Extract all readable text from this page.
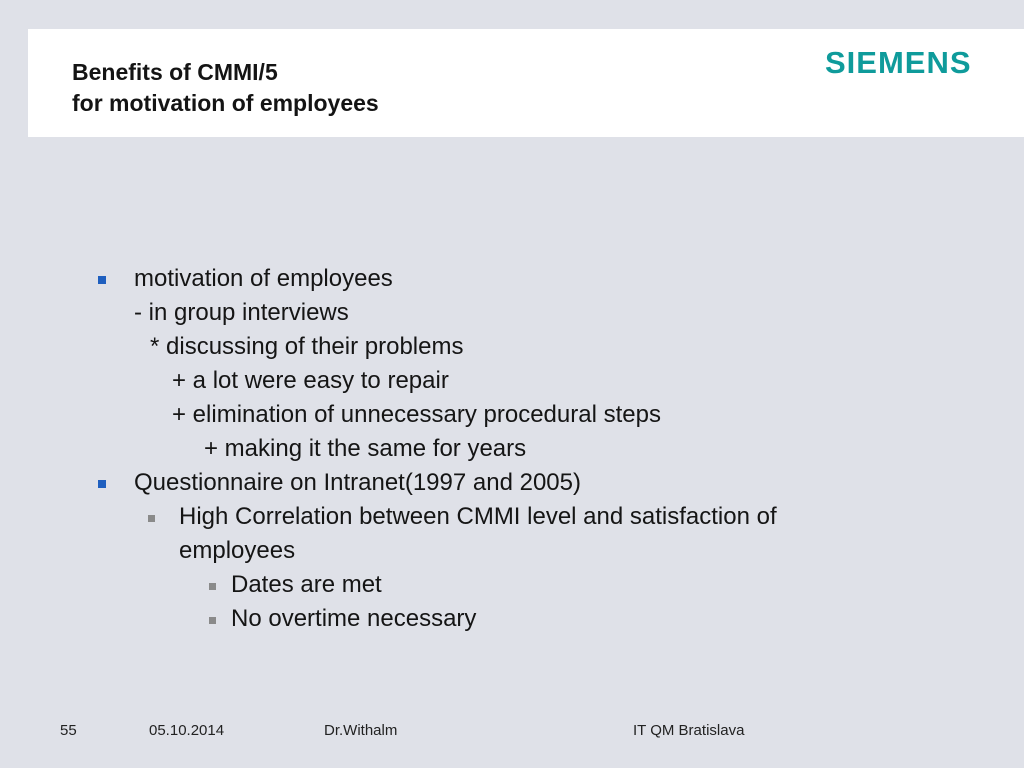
Benefits of CMMI/5
for motivation of employees
SIEMENS
motivation of employees
- in group interviews
* discussing of their problems
+ a lot were easy to repair
+ elimination of unnecessary procedural steps
+ making it the same for years
Questionnaire on Intranet(1997 and 2005)
High Correlation between CMMI level and satisfaction of
employees
Dates are met
No overtime necessary
55	05.10.2014	Dr.Withalm	IT QM Bratislava
